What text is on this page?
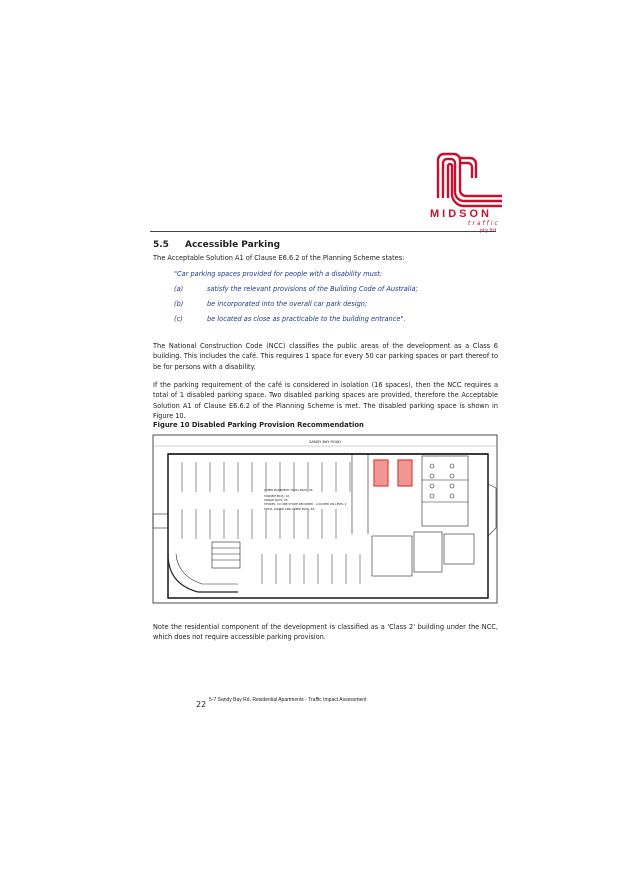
MIDSON
traffic
5.5 Accessible Parking
The Acceptable Solution A1 of Clause E6.6.2 of the Planning Scheme states:
"Car parking spaces provided for people with a disability must:
(a)	satisfy the relevant provisions of the Building Code of Australia;
(b)	be incorporated into the overall car park design;
(c)	be located as close as practicable to the building entrance".
The National Construction Code (NCC) classifies the public areas of the development as a Class 6 building. This includes the café. This requires 1 space for every 50 car parking spaces or part thereof to be for persons with a disability.
If the parking requirement of the café is considered in isolation (16 spaces), then the NCC requires a total of 1 disabled parking space. Two disabled parking spaces are provided, therefore the Acceptable Solution A1 of Clause E6.6.2 of the Planning Scheme is met. The disabled parking space is shown in Figure 10.
Figure 10 Disabled Parking Provision Recommendation
SANDY BAY ROAD
UPPER BASEMENT TOTAL BAYS: 36
TANDEM BAYS: 10
SINGLE BAYS: 26
STORES: 10 ONE STORE REQUIRED - LOCATED ON LEVEL 2
TOTAL LOWER AND UPPER BAYS: 66
Note the residential component of the development is classified as a 'Class 2' building under the NCC, which does not require accessible parking provision.
22 5-7 Sandy Bay Rd, Residential Apartments - Traffic Impact Assessment
